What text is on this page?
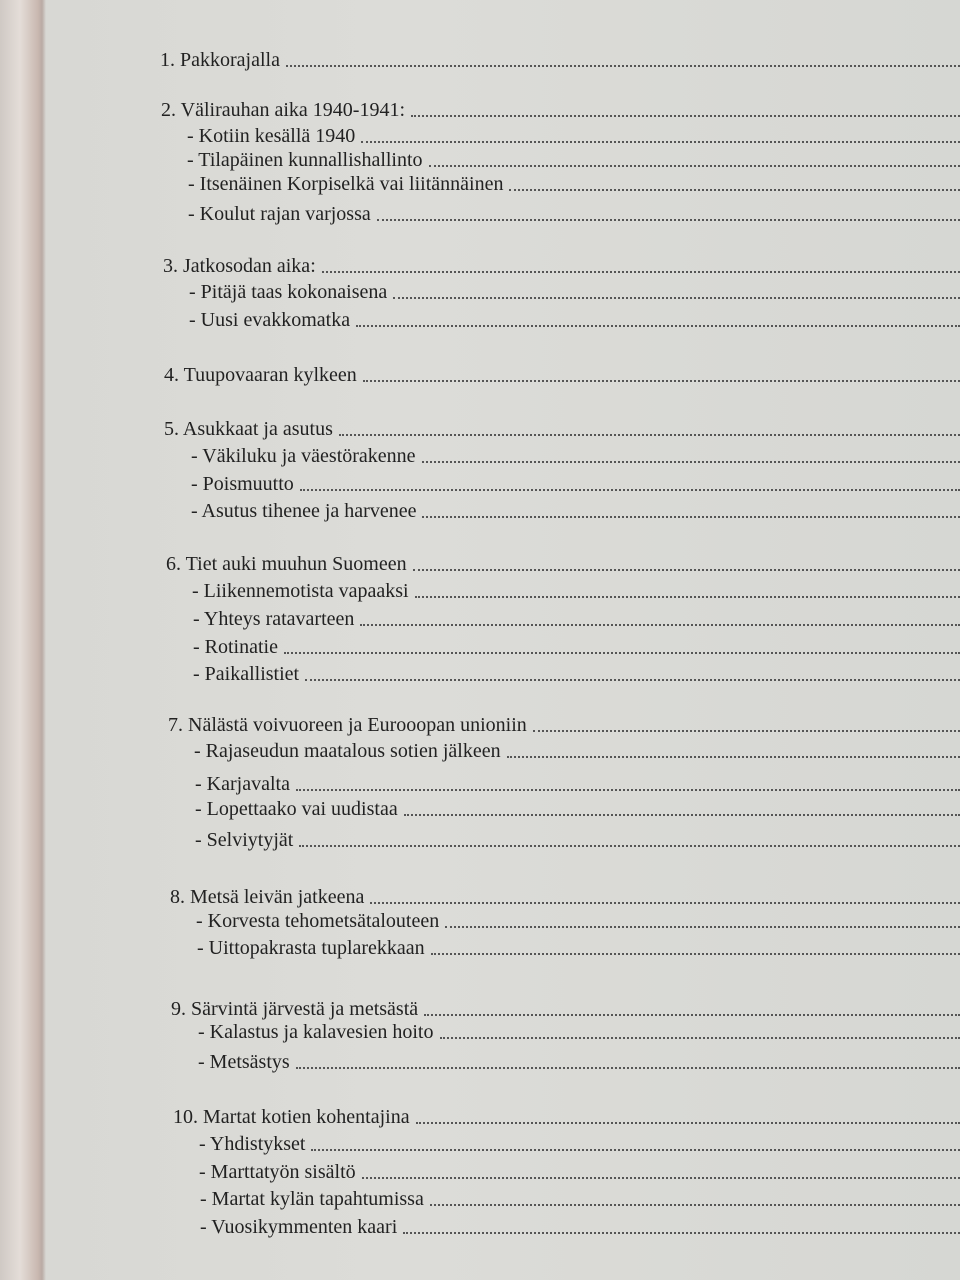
1. Pakkorajalla
2. Välirauhan aika 1940-1941:
- Kotiin kesällä 1940
- Tilapäinen kunnallishallinto
- Itsenäinen Korpiselkä vai liitännäinen
- Koulut rajan varjossa
3. Jatkosodan aika:
- Pitäjä taas kokonaisena
- Uusi evakkomatka
4. Tuupovaaran kylkeen
5. Asukkaat ja asutus
- Väkiluku ja väestörakenne
- Poismuutto
- Asutus tihenee ja harvenee
6. Tiet auki muuhun Suomeen
- Liikennemotista vapaaksi
- Yhteys ratavarteen
- Rotinatie
- Paikallistiet
7. Nälästä voivuoreen ja Eurooopan unioniin
- Rajaseudun maatalous sotien jälkeen
- Karjavalta
- Lopettaako vai uudistaa
- Selviytyjät
8. Metsä leivän jatkeena
- Korvesta tehometsätalouteen
- Uittopakrasta tuplarekkaan
9. Särvintä järvestä ja metsästä
- Kalastus ja kalavesien hoito
- Metsästys
10. Martat kotien kohentajina
- Yhdistykset
- Marttatyön sisältö
- Martat kylän tapahtumissa
- Vuosikymmenten kaari
